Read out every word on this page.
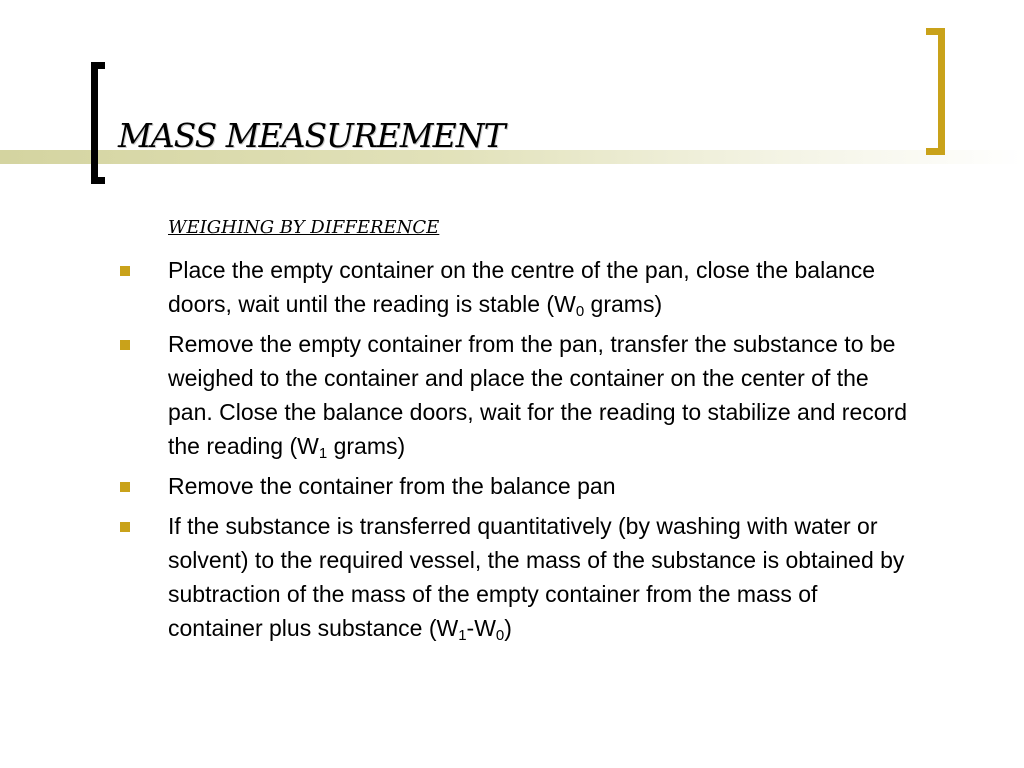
MASS MEASUREMENT

WEIGHING BY DIFFERENCE

Place the empty container on the centre of the pan, close the balance doors, wait until the reading is stable ($W_0$ grams)
Remove the empty container from the pan, transfer the substance to be weighed to the container and place the container on the center of the pan. Close the balance doors, wait for the reading to stabilize and record the reading ($W_1$ grams)
Remove the container from the balance pan
If the substance is transferred quantitatively (by washing with water or solvent) to the required vessel, the mass of the substance is obtained by subtraction of the mass of the empty container from the mass of container plus substance $(W_1-W_0)$
